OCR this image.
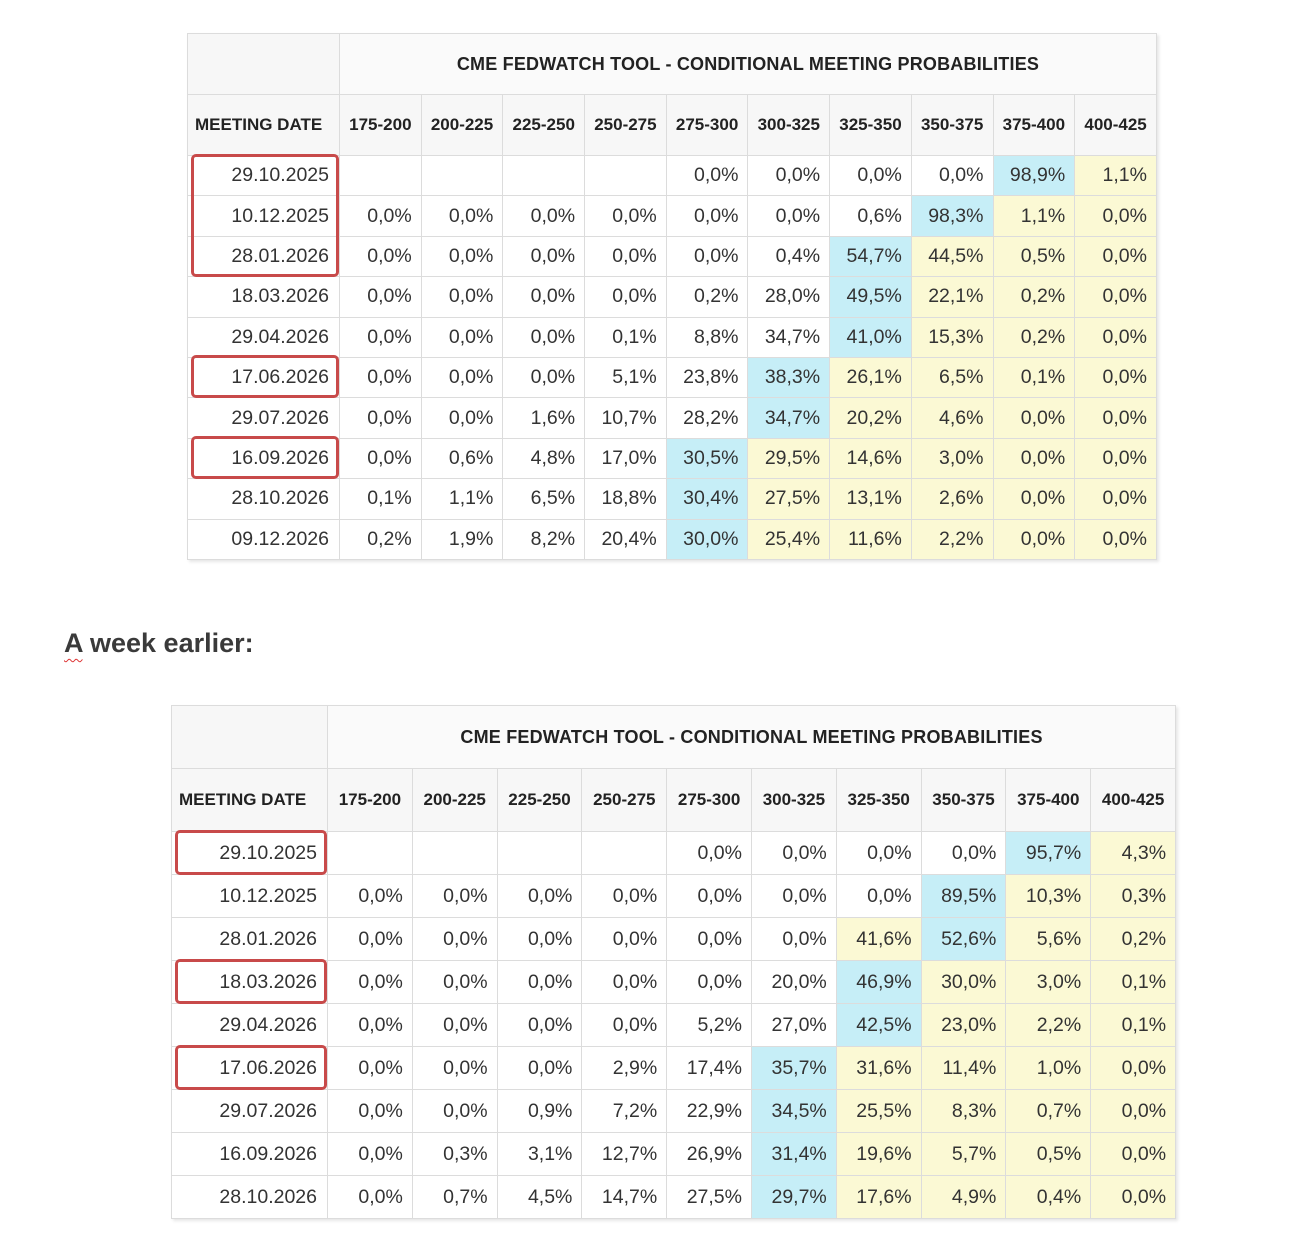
	CME FEDWATCH TOOL - CONDITIONAL MEETING PROBABILITIES									
MEETING DATE	175-200	200-225	225-250	250-275	275-300	300-325	325-350	350-375	375-400	400-425
29.10.2025					0,0%	0,0%	0,0%	0,0%	98,9%	1,1%
10.12.2025	0,0%	0,0%	0,0%	0,0%	0,0%	0,0%	0,6%	98,3%	1,1%	0,0%
28.01.2026	0,0%	0,0%	0,0%	0,0%	0,0%	0,4%	54,7%	44,5%	0,5%	0,0%
18.03.2026	0,0%	0,0%	0,0%	0,0%	0,2%	28,0%	49,5%	22,1%	0,2%	0,0%
29.04.2026	0,0%	0,0%	0,0%	0,1%	8,8%	34,7%	41,0%	15,3%	0,2%	0,0%
17.06.2026	0,0%	0,0%	0,0%	5,1%	23,8%	38,3%	26,1%	6,5%	0,1%	0,0%
29.07.2026	0,0%	0,0%	1,6%	10,7%	28,2%	34,7%	20,2%	4,6%	0,0%	0,0%
16.09.2026	0,0%	0,6%	4,8%	17,0%	30,5%	29,5%	14,6%	3,0%	0,0%	0,0%
28.10.2026	0,1%	1,1%	6,5%	18,8%	30,4%	27,5%	13,1%	2,6%	0,0%	0,0%
09.12.2026	0,2%	1,9%	8,2%	20,4%	30,0%	25,4%	11,6%	2,2%	0,0%	0,0%
A week earlier:
	CME FEDWATCH TOOL - CONDITIONAL MEETING PROBABILITIES									
MEETING DATE	175-200	200-225	225-250	250-275	275-300	300-325	325-350	350-375	375-400	400-425
29.10.2025					0,0%	0,0%	0,0%	0,0%	95,7%	4,3%
10.12.2025	0,0%	0,0%	0,0%	0,0%	0,0%	0,0%	0,0%	89,5%	10,3%	0,3%
28.01.2026	0,0%	0,0%	0,0%	0,0%	0,0%	0,0%	41,6%	52,6%	5,6%	0,2%
18.03.2026	0,0%	0,0%	0,0%	0,0%	0,0%	20,0%	46,9%	30,0%	3,0%	0,1%
29.04.2026	0,0%	0,0%	0,0%	0,0%	5,2%	27,0%	42,5%	23,0%	2,2%	0,1%
17.06.2026	0,0%	0,0%	0,0%	2,9%	17,4%	35,7%	31,6%	11,4%	1,0%	0,0%
29.07.2026	0,0%	0,0%	0,9%	7,2%	22,9%	34,5%	25,5%	8,3%	0,7%	0,0%
16.09.2026	0,0%	0,3%	3,1%	12,7%	26,9%	31,4%	19,6%	5,7%	0,5%	0,0%
28.10.2026	0,0%	0,7%	4,5%	14,7%	27,5%	29,7%	17,6%	4,9%	0,4%	0,0%
